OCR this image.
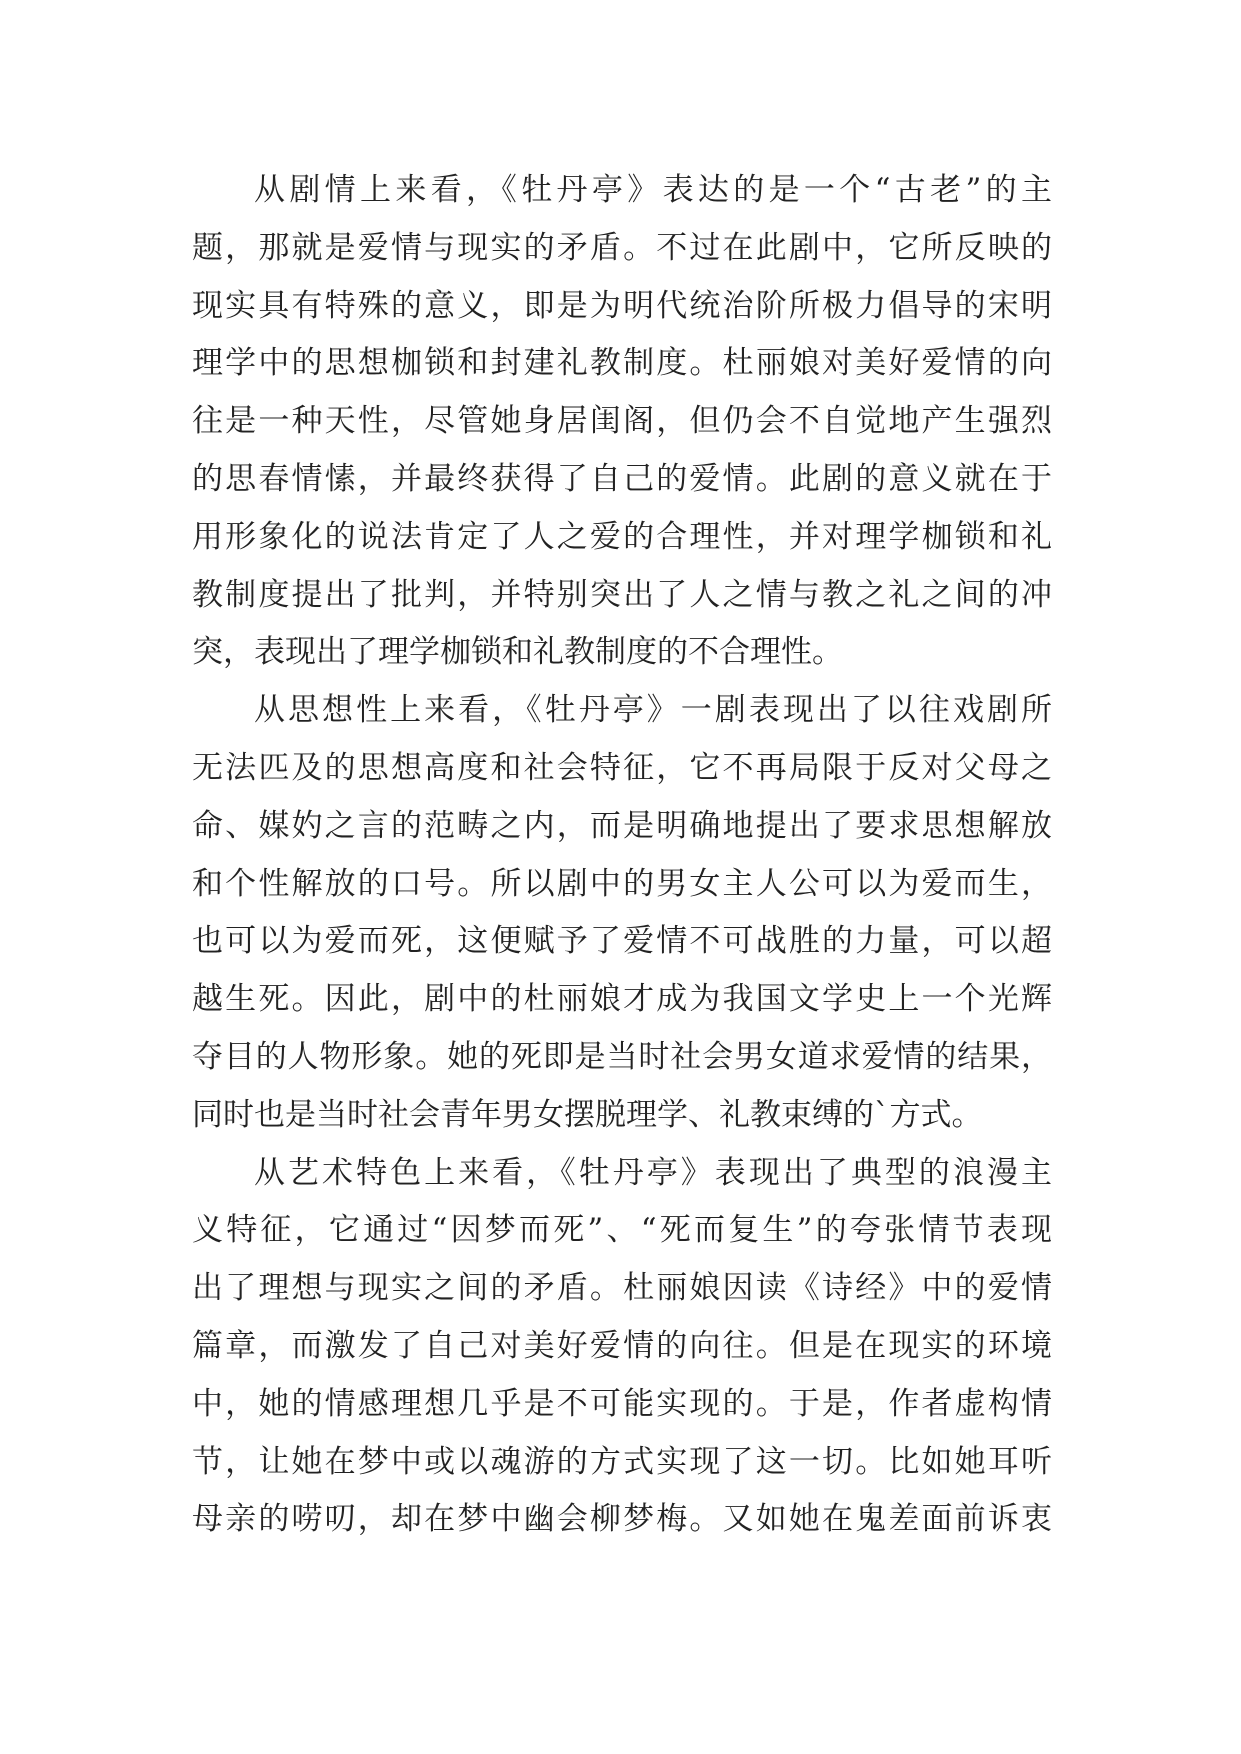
从剧情上来看，《牡丹亭》表达的是一个“古老”的主
题，那就是爱情与现实的矛盾。不过在此剧中，它所反映的
现实具有特殊的意义，即是为明代统治阶所极力倡导的宋明
理学中的思想枷锁和封建礼教制度。杜丽娘对美好爱情的向
往是一种天性，尽管她身居闺阁，但仍会不自觉地产生强烈
的思春情愫，并最终获得了自己的爱情。此剧的意义就在于
用形象化的说法肯定了人之爱的合理性，并对理学枷锁和礼
教制度提出了批判，并特别突出了人之情与教之礼之间的冲
突，表现出了理学枷锁和礼教制度的不合理性。
从思想性上来看，《牡丹亭》一剧表现出了以往戏剧所
无法匹及的思想高度和社会特征，它不再局限于反对父母之
命、媒妁之言的范畴之内，而是明确地提出了要求思想解放
和个性解放的口号。所以剧中的男女主人公可以为爱而生，
也可以为爱而死，这便赋予了爱情不可战胜的力量，可以超
越生死。因此，剧中的杜丽娘才成为我国文学史上一个光辉
夺目的人物形象。她的死即是当时社会男女道求爱情的结果，
同时也是当时社会青年男女摆脱理学、礼教束缚的`方式。
从艺术特色上来看，《牡丹亭》表现出了典型的浪漫主
义特征，它通过“因梦而死”、“死而复生”的夸张情节表现
出了理想与现实之间的矛盾。杜丽娘因读《诗经》中的爱情
篇章，而激发了自己对美好爱情的向往。但是在现实的环境
中，她的情感理想几乎是不可能实现的。于是，作者虚构情
节，让她在梦中或以魂游的方式实现了这一切。比如她耳听
母亲的唠叨，却在梦中幽会柳梦梅。又如她在鬼差面前诉衷
